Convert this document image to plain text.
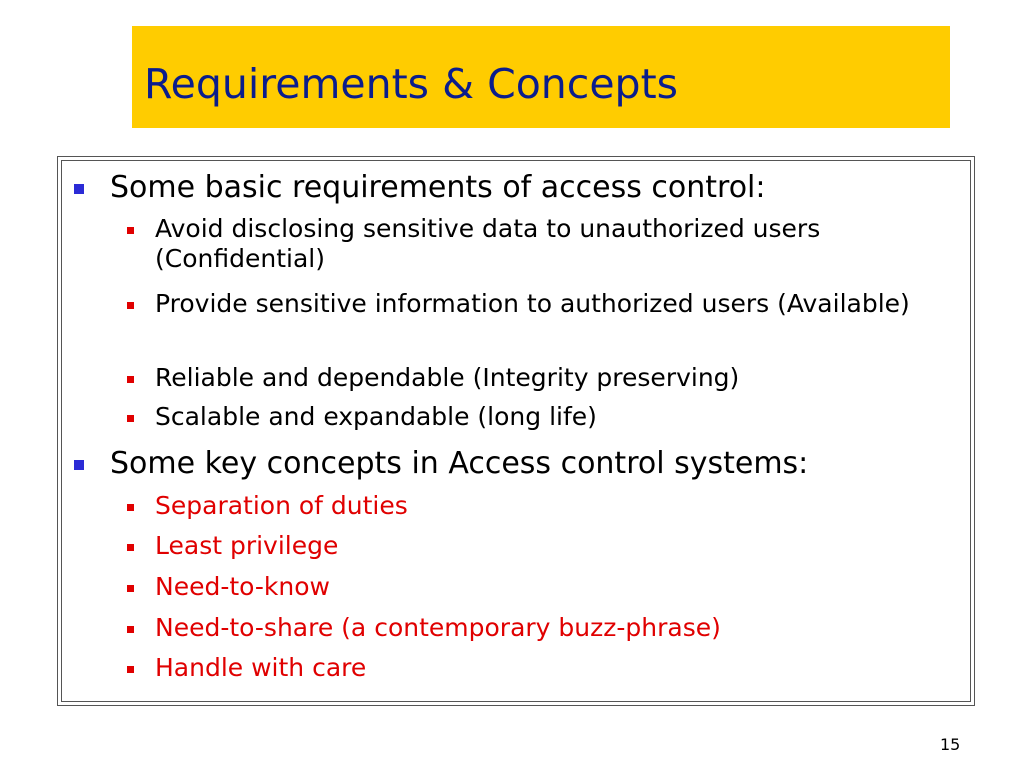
Requirements & Concepts
Some basic requirements of access control:
Avoid disclosing sensitive data to unauthorized users (Confidential)
Provide sensitive information to authorized users (Available)
Reliable and dependable (Integrity preserving)
Scalable and expandable (long life)
Some key concepts in Access control systems:
Separation of duties
Least privilege
Need-to-know
Need-to-share (a contemporary buzz-phrase)
Handle with care
15
